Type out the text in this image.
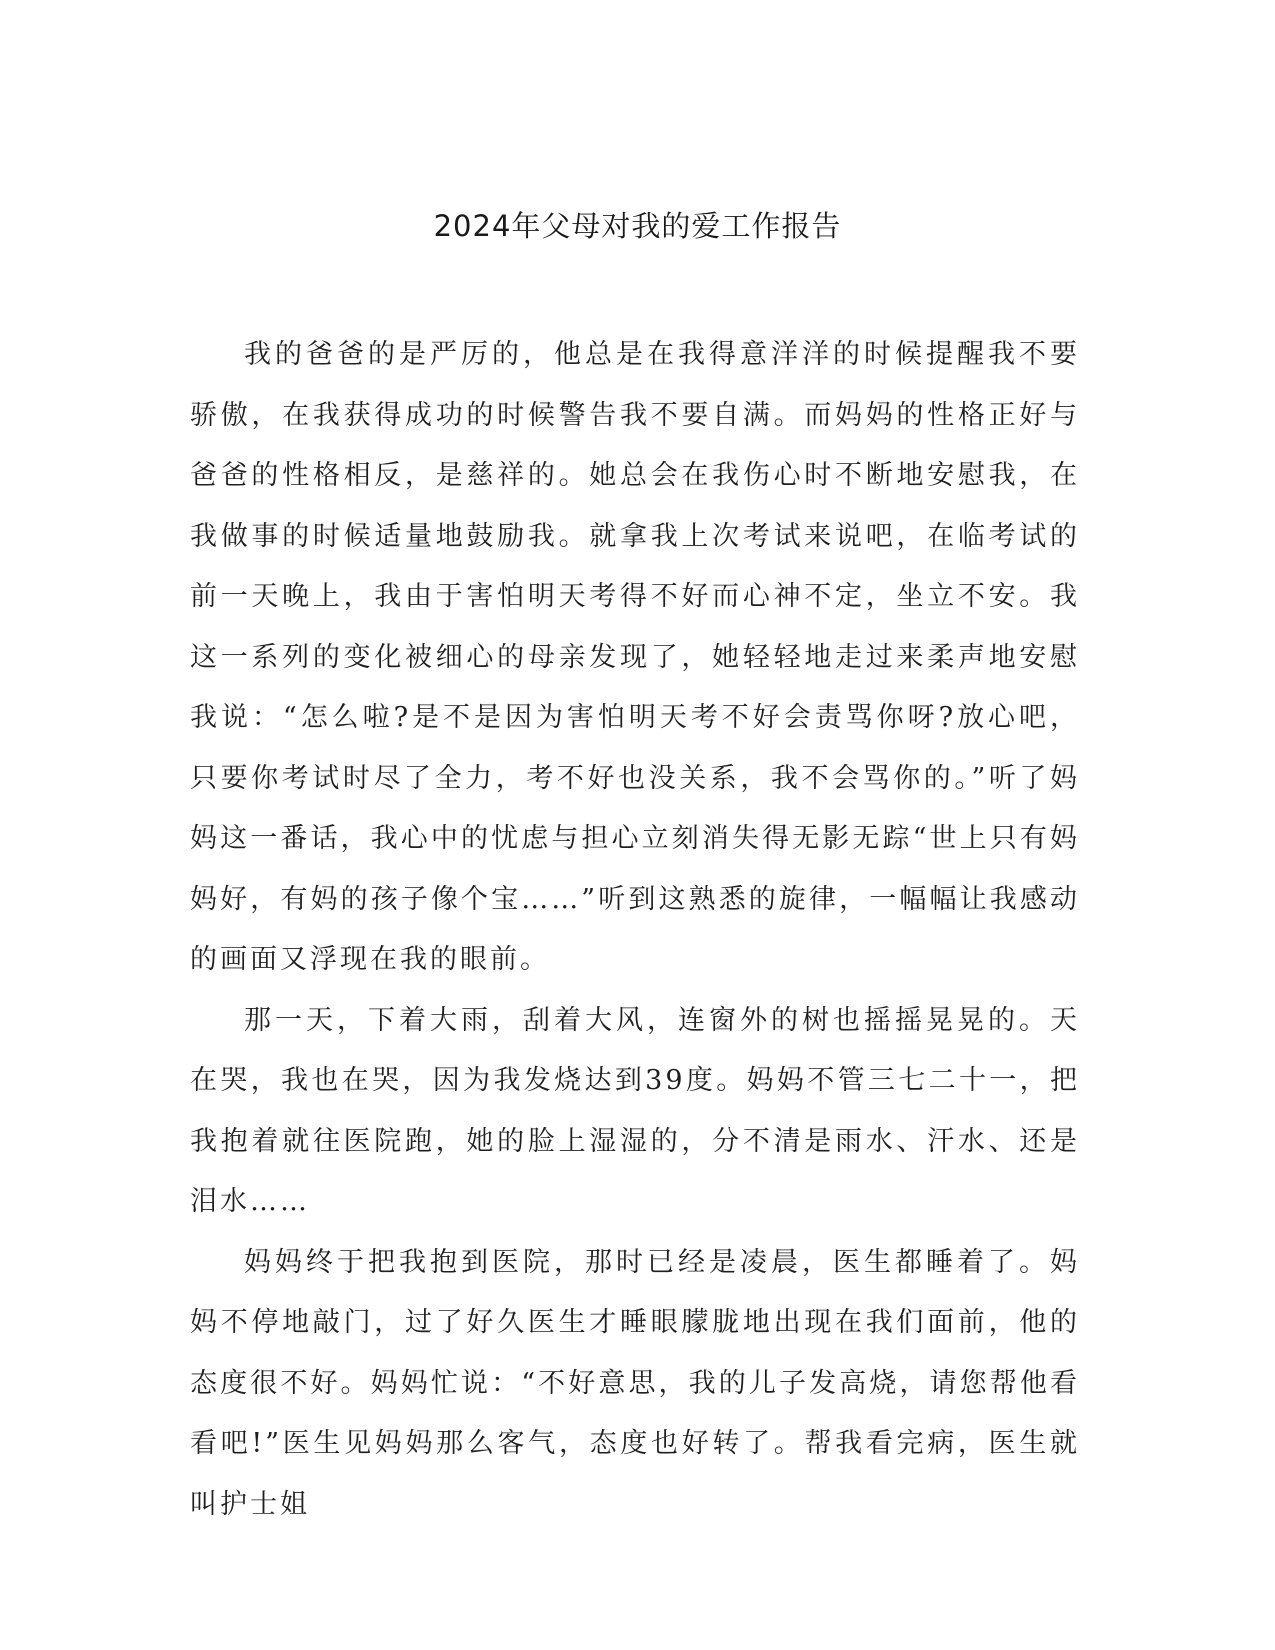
2024年父母对我的爱工作报告

我的爸爸的是严厉的，他总是在我得意洋洋的时候提醒我不要骄傲，在我获得成功的时候警告我不要自满。而妈妈的性格正好与爸爸的性格相反，是慈祥的。她总会在我伤心时不断地安慰我，在我做事的时候适量地鼓励我。就拿我上次考试来说吧，在临考试的前一天晚上，我由于害怕明天考得不好而心神不定，坐立不安。我这一系列的变化被细心的母亲发现了，她轻轻地走过来柔声地安慰我说：“怎么啦?是不是因为害怕明天考不好会责骂你呀?放心吧，只要你考试时尽了全力，考不好也没关系，我不会骂你的。”听了妈妈这一番话，我心中的忧虑与担心立刻消失得无影无踪“世上只有妈妈好，有妈的孩子像个宝……”听到这熟悉的旋律，一幅幅让我感动的画面又浮现在我的眼前。

那一天，下着大雨，刮着大风，连窗外的树也摇摇晃晃的。天在哭，我也在哭，因为我发烧达到39度。妈妈不管三七二十一，把我抱着就往医院跑，她的脸上湿湿的，分不清是雨水、汗水、还是泪水……

妈妈终于把我抱到医院，那时已经是凌晨，医生都睡着了。妈妈不停地敲门，过了好久医生才睡眼朦胧地出现在我们面前，他的态度很不好。妈妈忙说：“不好意思，我的儿子发高烧，请您帮他看看吧!”医生见妈妈那么客气，态度也好转了。帮我看完病，医生就叫护士姐
